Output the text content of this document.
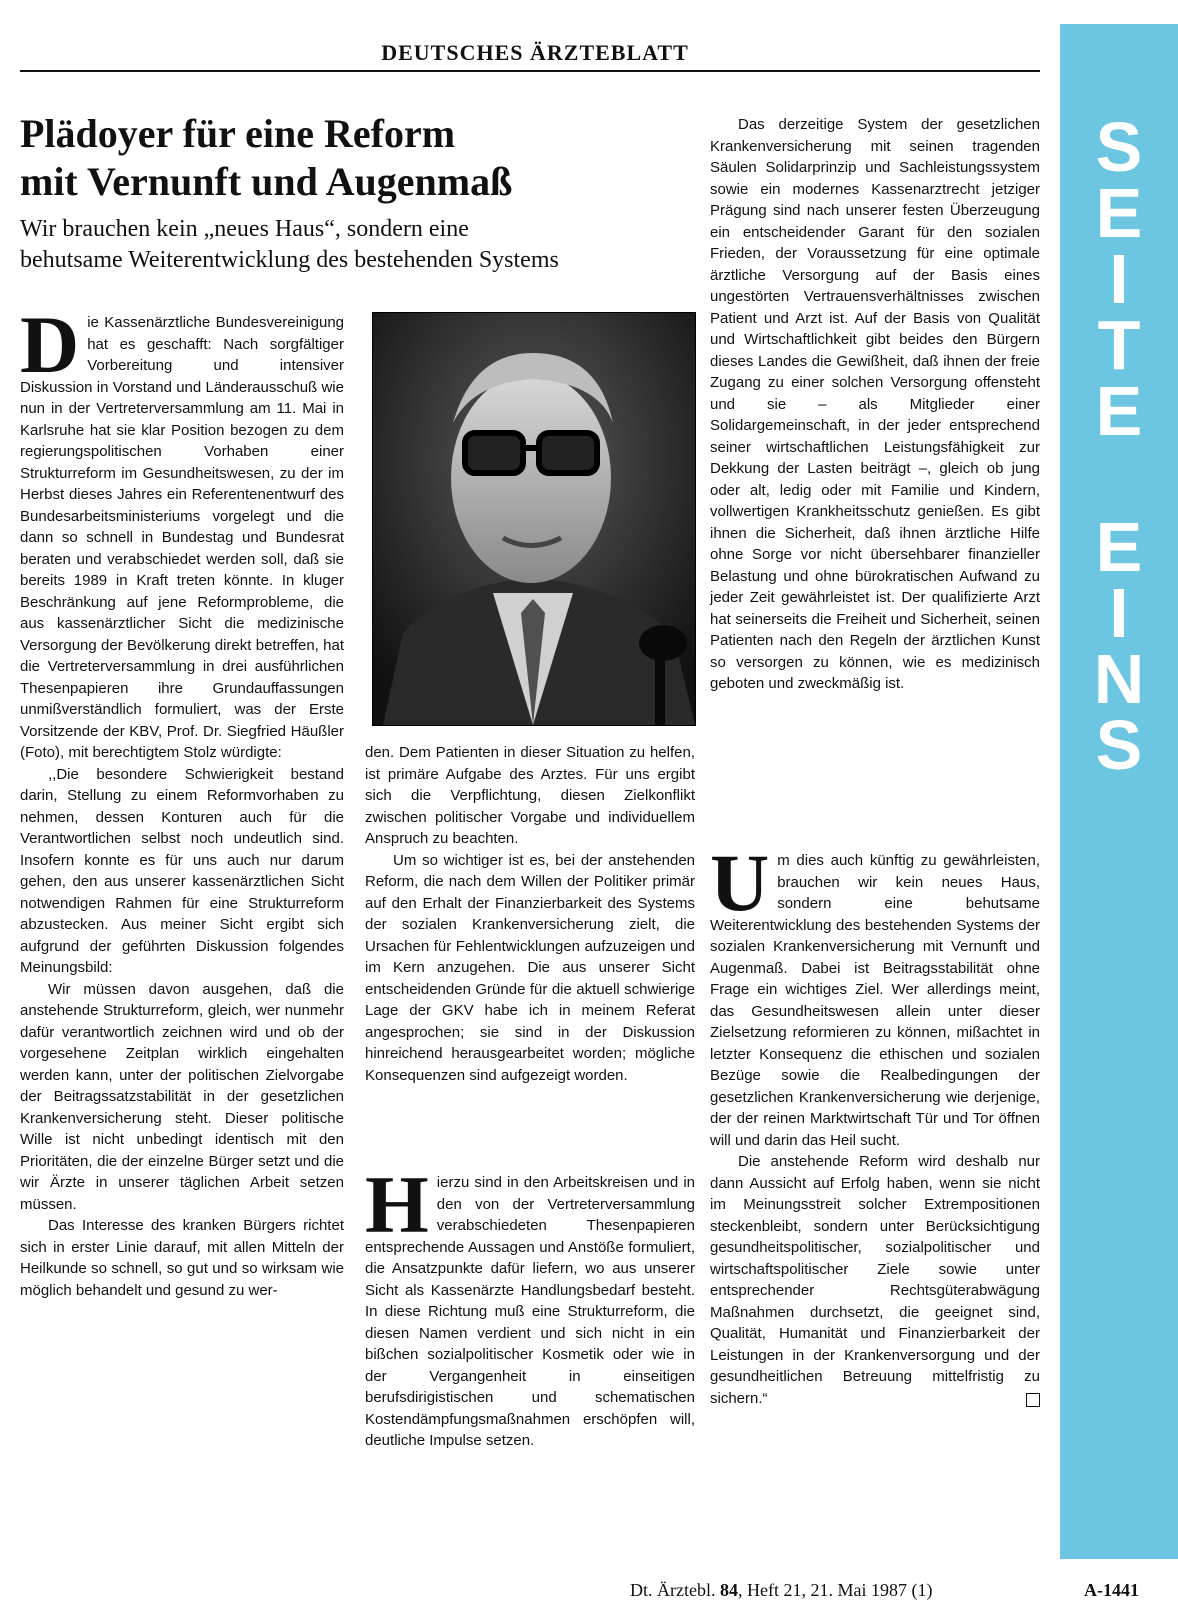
DEUTSCHES ÄRZTEBLATT
S
E
I
T
E
E
I
N
S
Plädoyer für eine Reform
mit Vernunft und Augenmaß
Wir brauchen kein „neues Haus“, sondern eine
behutsame Weiterentwicklung des bestehenden Systems

Die Kassenärztliche Bundesvereinigung hat es geschafft: Nach sorgfältiger Vorbereitung und intensiver Diskussion in Vorstand und Länderausschuß wie nun in der Vertreterversammlung am 11. Mai in Karlsruhe hat sie klar Position bezogen zu dem regierungspolitischen Vorhaben einer Strukturreform im Gesundheitswesen, zu der im Herbst dieses Jahres ein Referentenentwurf des Bundesarbeitsministeriums vorgelegt und die dann so schnell in Bundestag und Bundesrat beraten und verabschiedet werden soll, daß sie bereits 1989 in Kraft treten könnte. In kluger Beschränkung auf jene Reformprobleme, die aus kassenärztlicher Sicht die medizinische Versorgung der Bevölkerung direkt betreffen, hat die Vertreterversammlung in drei ausführlichen Thesenpapieren ihre Grundauffassungen unmißverständlich formuliert, was der Erste Vorsitzende der KBV, Prof. Dr. Siegfried Häußler (Foto), mit berechtigtem Stolz würdigte:

,,Die besondere Schwierigkeit bestand darin, Stellung zu einem Reformvorhaben zu nehmen, dessen Konturen auch für die Verantwortlichen selbst noch undeutlich sind. Insofern konnte es für uns auch nur darum gehen, den aus unserer kassenärztlichen Sicht notwendigen Rahmen für eine Strukturreform abzustecken. Aus meiner Sicht ergibt sich aufgrund der geführten Diskussion folgendes Meinungsbild:

Wir müssen davon ausgehen, daß die anstehende Strukturreform, gleich, wer nunmehr dafür verantwortlich zeichnen wird und ob der vorgesehene Zeitplan wirklich eingehalten werden kann, unter der politischen Zielvorgabe der Beitragssatzstabilität in der gesetzlichen Krankenversicherung steht. Dieser politische Wille ist nicht unbedingt identisch mit den Prioritäten, die der einzelne Bürger setzt und die wir Ärzte in unserer täglichen Arbeit setzen müssen.

Das Interesse des kranken Bürgers richtet sich in erster Linie darauf, mit allen Mitteln der Heilkunde so schnell, so gut und so wirksam wie möglich behandelt und gesund zu wer-

den. Dem Patienten in dieser Situation zu helfen, ist primäre Aufgabe des Arztes. Für uns ergibt sich die Verpflichtung, diesen Zielkonflikt zwischen politischer Vorgabe und individuellem Anspruch zu beachten.

Um so wichtiger ist es, bei der anstehenden Reform, die nach dem Willen der Politiker primär auf den Erhalt der Finanzierbarkeit des Systems der sozialen Krankenversicherung zielt, die Ursachen für Fehlentwicklungen aufzuzeigen und im Kern anzugehen. Die aus unserer Sicht entscheidenden Gründe für die aktuell schwierige Lage der GKV habe ich in meinem Referat angesprochen; sie sind in der Diskussion hinreichend herausgearbeitet worden; mögliche Konsequenzen sind aufgezeigt worden.

Hierzu sind in den Arbeitskreisen und in den von der Vertreterversammlung verabschiedeten Thesenpapieren entsprechende Aussagen und Anstöße formuliert, die Ansatzpunkte dafür liefern, wo aus unserer Sicht als Kassenärzte Handlungsbedarf besteht. In diese Richtung muß eine Strukturreform, die diesen Namen verdient und sich nicht in ein bißchen sozialpolitischer Kosmetik oder wie in der Vergangenheit in einseitigen berufsdirigistischen und schematischen Kostendämpfungsmaßnahmen erschöpfen will, deutliche Impulse setzen.

Das derzeitige System der gesetzlichen Krankenversicherung mit seinen tragenden Säulen Solidarprinzip und Sachleistungssystem sowie ein modernes Kassenarztrecht jetziger Prägung sind nach unserer festen Überzeugung ein entscheidender Garant für den sozialen Frieden, der Voraussetzung für eine optimale ärztliche Versorgung auf der Basis eines ungestörten Vertrauensverhältnisses zwischen Patient und Arzt ist. Auf der Basis von Qualität und Wirtschaftlichkeit gibt beides den Bürgern dieses Landes die Gewißheit, daß ihnen der freie Zugang zu einer solchen Versorgung offensteht und sie – als Mitglieder einer Solidargemeinschaft, in der jeder entsprechend seiner wirtschaftlichen Leistungsfähigkeit zur Dekkung der Lasten beiträgt –, gleich ob jung oder alt, ledig oder mit Familie und Kindern, vollwertigen Krankheitsschutz genießen. Es gibt ihnen die Sicherheit, daß ihnen ärztliche Hilfe ohne Sorge vor nicht übersehbarer finanzieller Belastung und ohne bürokratischen Aufwand zu jeder Zeit gewährleistet ist. Der qualifizierte Arzt hat seinerseits die Freiheit und Sicherheit, seinen Patienten nach den Regeln der ärztlichen Kunst so versorgen zu können, wie es medizinisch geboten und zweckmäßig ist.

Um dies auch künftig zu gewährleisten, brauchen wir kein neues Haus, sondern eine behutsame Weiterentwicklung des bestehenden Systems der sozialen Krankenversicherung mit Vernunft und Augenmaß. Dabei ist Beitragsstabilität ohne Frage ein wichtiges Ziel. Wer allerdings meint, das Gesundheitswesen allein unter dieser Zielsetzung reformieren zu können, mißachtet in letzter Konsequenz die ethischen und sozialen Bezüge sowie die Realbedingungen der gesetzlichen Krankenversicherung wie derjenige, der der reinen Marktwirtschaft Tür und Tor öffnen will und darin das Heil sucht.

Die anstehende Reform wird deshalb nur dann Aussicht auf Erfolg haben, wenn sie nicht im Meinungsstreit solcher Extrempositionen steckenbleibt, sondern unter Berücksichtigung gesundheitspolitischer, sozialpolitischer und wirtschaftspolitischer Ziele sowie unter entsprechender Rechtsgüterabwägung Maßnahmen durchsetzt, die geeignet sind, Qualität, Humanität und Finanzierbarkeit der Leistungen in der Krankenversorgung und der gesundheitlichen Betreuung mittelfristig zu sichern.“

Dt. Ärztebl. 84, Heft 21, 21. Mai 1987 (1)	A-1441
